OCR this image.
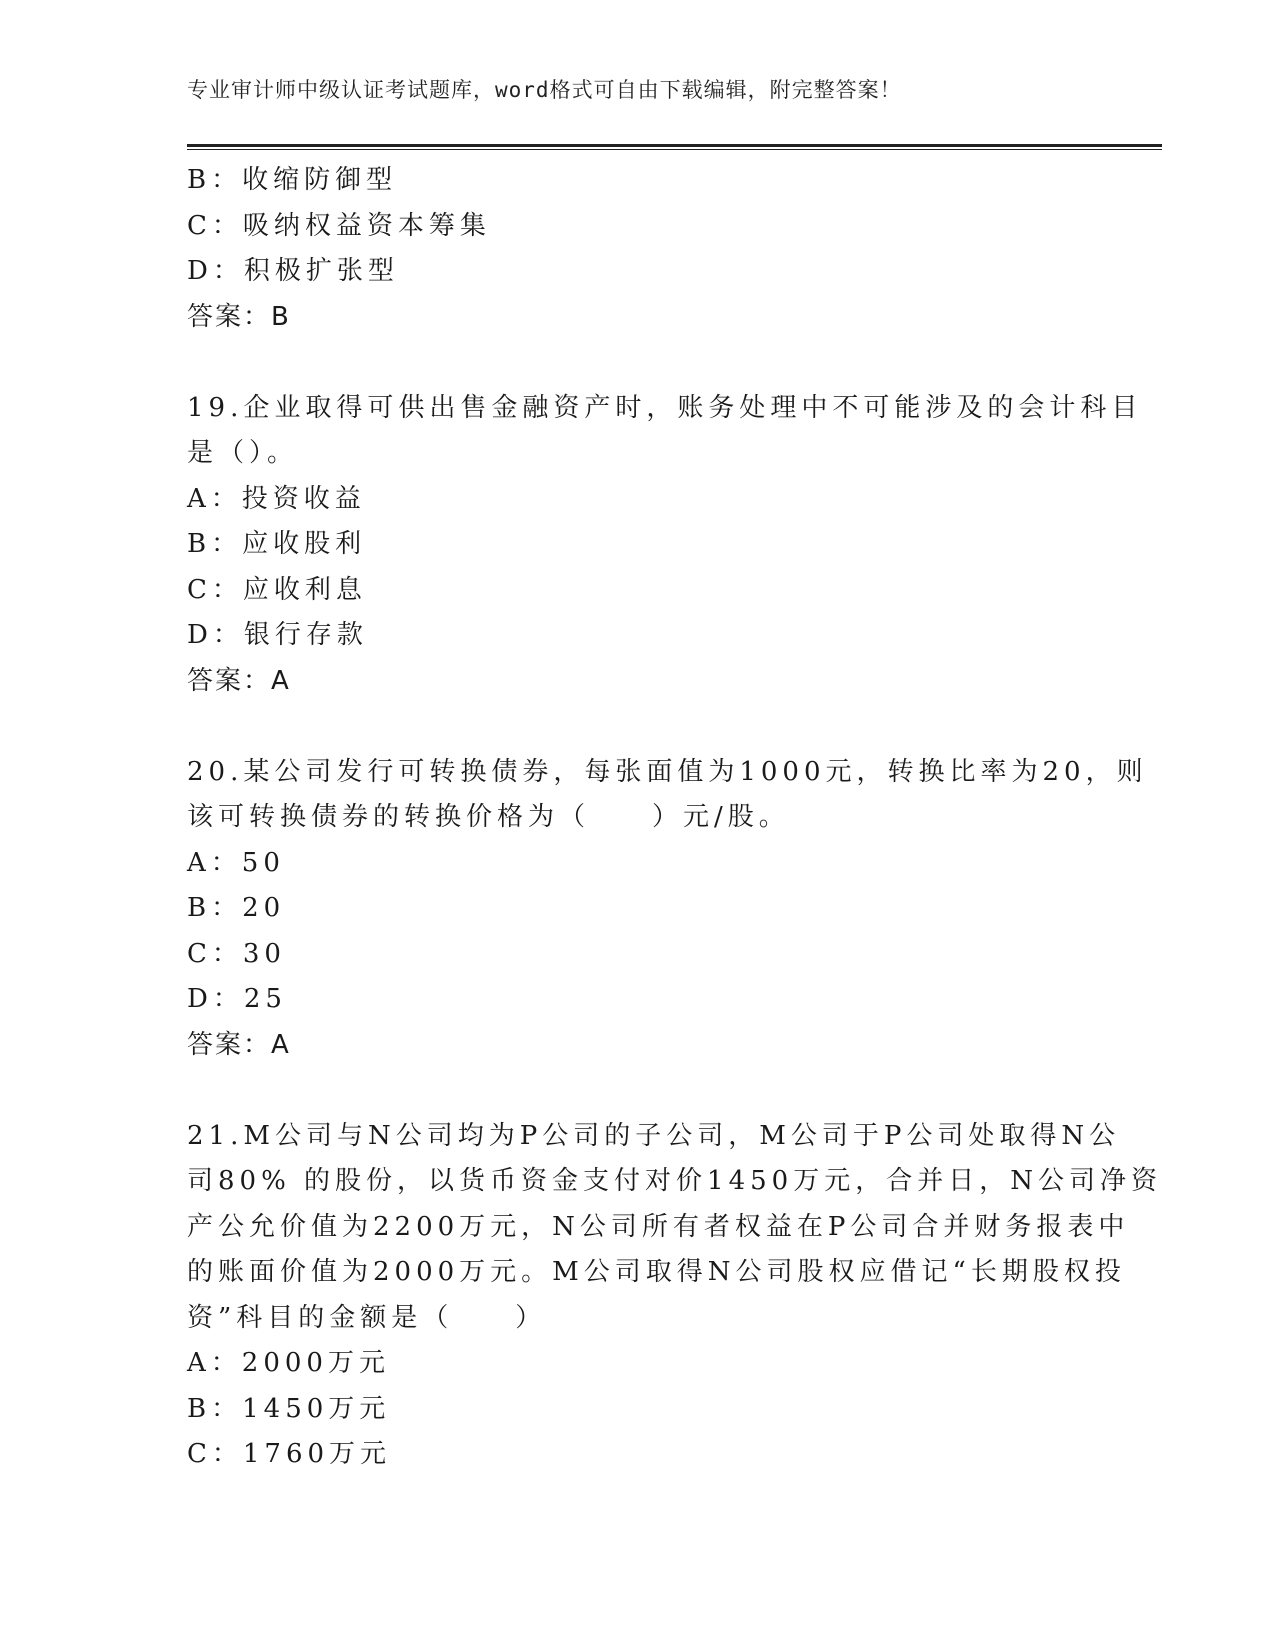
专业审计师中级认证考试题库，word格式可自由下载编辑，附完整答案！
B：收缩防御型
C：吸纳权益资本筹集
D：积极扩张型
答案：B
19.企业取得可供出售金融资产时，账务处理中不可能涉及的会计科目
是（）。
A：投资收益
B：应收股利
C：应收利息
D：银行存款
答案：A
20.某公司发行可转换债券，每张面值为1000元，转换比率为20，则
该可转换债券的转换价格为（　　）元/股。
A：50
B：20
C：30
D：25
答案：A
21.M公司与N公司均为P公司的子公司，M公司于P公司处取得N公
司80% 的股份，以货币资金支付对价1450万元，合并日，N公司净资
产公允价值为2200万元，N公司所有者权益在P公司合并财务报表中
的账面价值为2000万元。M公司取得N公司股权应借记“长期股权投
资”科目的金额是（　　）
A：2000万元
B：1450万元
C：1760万元
